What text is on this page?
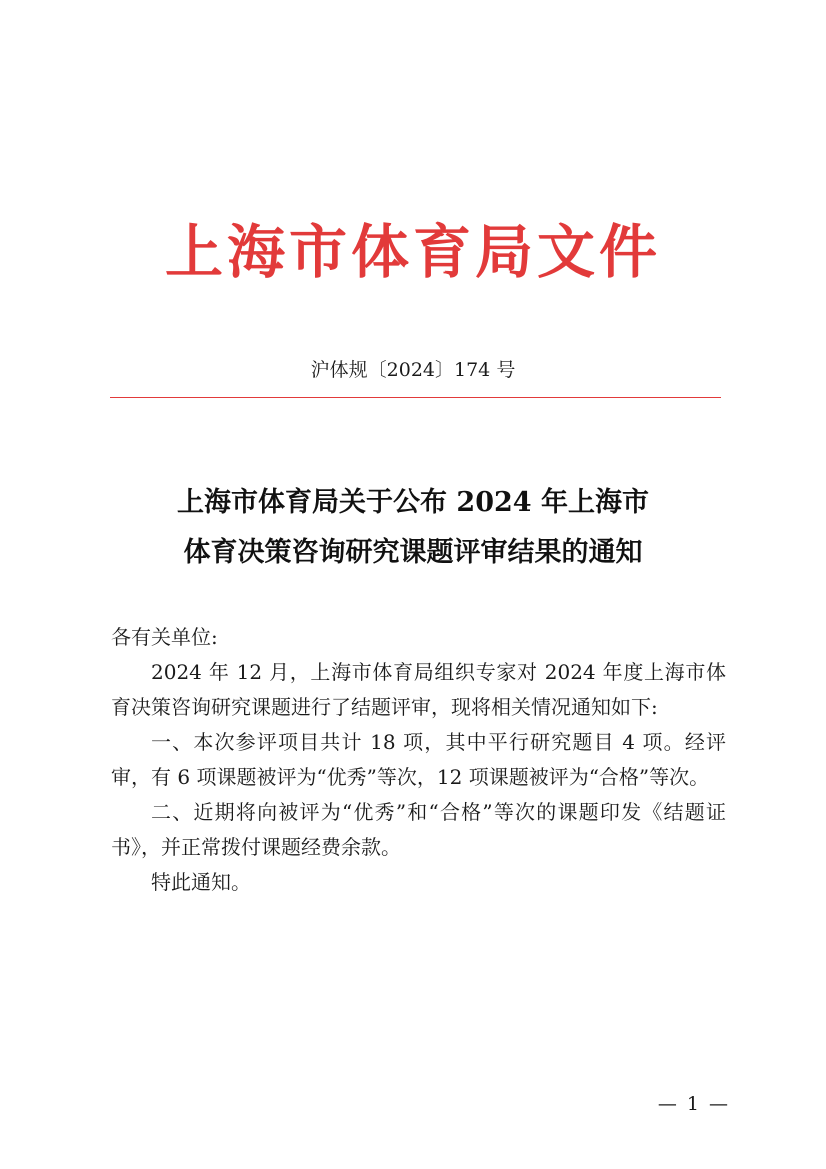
上海市体育局文件
沪体规〔2024〕174 号
上海市体育局关于公布 2024 年上海市
体育决策咨询研究课题评审结果的通知

各有关单位:

2024 年 12 月，上海市体育局组织专家对 2024 年度上海市体育决策咨询研究课题进行了结题评审，现将相关情况通知如下:

一、本次参评项目共计 18 项，其中平行研究题目 4 项。经评审，有 6 项课题被评为“优秀”等次，12 项课题被评为“合格”等次。

二、近期将向被评为“优秀”和“合格”等次的课题印发《结题证书》，并正常拨付课题经费余款。

特此通知。

— 1 —
